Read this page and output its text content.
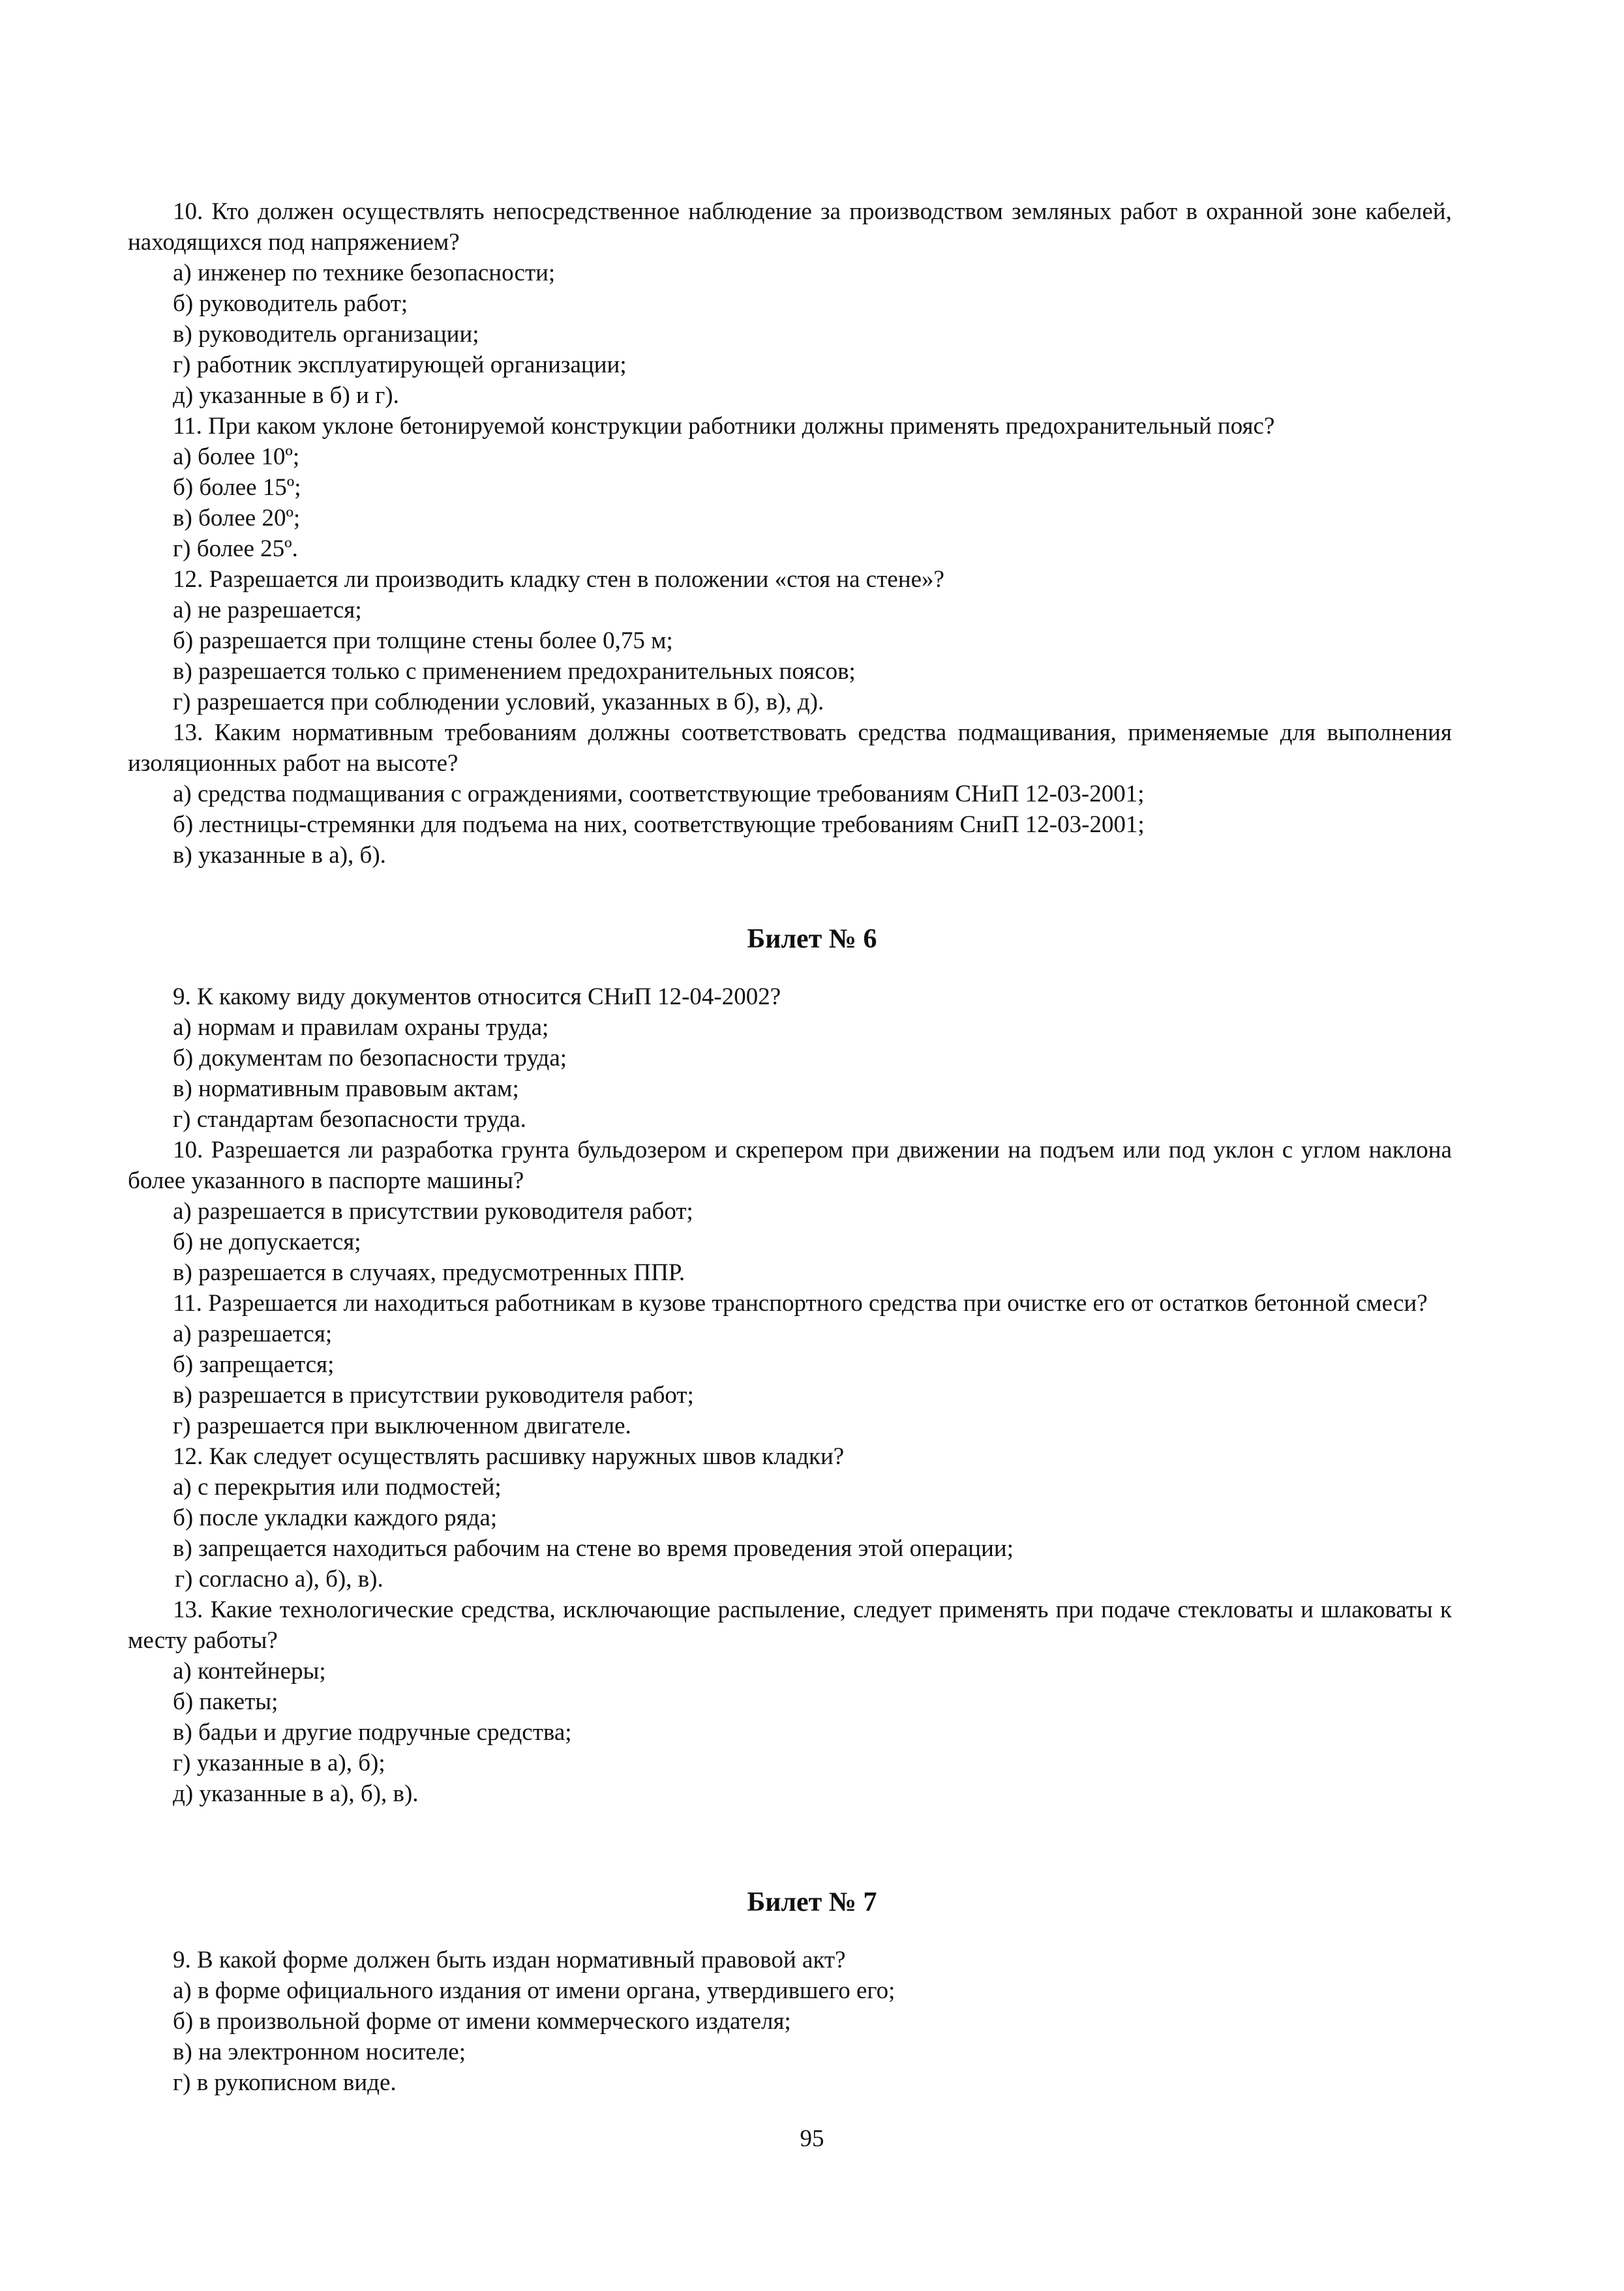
10. Кто должен осуществлять непосредственное наблюдение за производством земляных работ в охранной зоне кабелей, находящихся под напряжением?

а) инженер по технике безопасности;

б) руководитель работ;

в) руководитель организации;

г) работник эксплуатирующей организации;

д) указанные в б) и г).

11. При каком уклоне бетонируемой конструкции работники должны применять предохранительный пояс?

а) более 10º;

б) более 15º;

в) более 20º;

г) более 25º.

12. Разрешается ли производить кладку стен в положении «стоя на стене»?

а) не разрешается;

б) разрешается при толщине стены более 0,75 м;

в) разрешается только с применением предохранительных поясов;

г) разрешается при соблюдении условий, указанных в б), в), д).

13. Каким нормативным требованиям должны соответствовать средства подмащивания, применяемые для выполнения изоляционных работ на высоте?

а) средства подмащивания с ограждениями, соответствующие требованиям СНиП 12-03-2001;

б) лестницы-стремянки для подъема на них, соответствующие требованиям СниП 12-03-2001;

в) указанные в а), б).

Билет № 6

9. К какому виду документов относится СНиП 12-04-2002?

а) нормам и правилам охраны труда;

б) документам по безопасности труда;

в) нормативным правовым актам;

г) стандартам безопасности труда.

10. Разрешается ли разработка грунта бульдозером и скрепером при движении на подъем или под уклон с углом наклона более указанного в паспорте машины?

а) разрешается в присутствии руководителя работ;

б) не допускается;

в) разрешается в случаях, предусмотренных ППР.

11. Разрешается ли находиться работникам в кузове транспортного средства при очистке его от остатков бетонной смеси?

а) разрешается;

б) запрещается;

в) разрешается в присутствии руководителя работ;

г) разрешается при выключенном двигателе.

12. Как следует осуществлять расшивку наружных швов кладки?

а) с перекрытия или подмостей;

б) после укладки каждого ряда;

в) запрещается находиться рабочим на стене во время проведения этой операции;

г) согласно а), б), в).

13. Какие технологические средства, исключающие распыление, следует применять при подаче стекловаты и шлаковаты к месту работы?

а) контейнеры;

б) пакеты;

в) бадьи и другие подручные средства;

г) указанные в а), б);

д) указанные в а), б), в).

Билет № 7

9. В какой форме должен быть издан нормативный правовой акт?

а) в форме официального издания от имени органа, утвердившего его;

б) в произвольной форме от имени коммерческого издателя;

в) на электронном носителе;

г) в рукописном виде.

95
